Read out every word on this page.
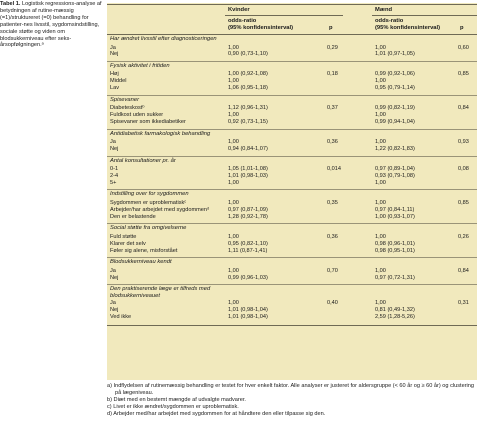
Tabel 1. Logistisk regressions-analyse af betydningen af rutine-mæssig (=1)/struktureret (=0) behandling for patienter-nes livsstil, sygdomsindstilling, sociale støtte og viden om blodsukkerniveau efter seks-årsopfølgningen.ᵃ
Kvinder	Mænd
odds-ratio
(95% konfidensinterval)	p
odds-ratio
(95% konfidensinterval)	p
Har ændret livsstil efter diagnosticeringen
Ja	1,00	0,29	1,00	0,60
Nej	0,90 (0,73-1,10)	1,01 (0,97-1,05)
Fysisk aktivitet i fritiden
Høj	1,00 (0,92-1,08)	0,18	0,99 (0,92-1,06)	0,85
Middel	1,00	1,00
Lav	1,06 (0,95-1,18)	0,95 (0,79-1,14)
Spisevaner
Diabeteskostᵇ	1,12 (0,96-1,31)	0,37	0,99 (0,82-1,19)	0,84
Fuldkost uden sukker	1,00	1,00
Spisevaner som ikkediabetiker	0,92 (0,73-1,15)	0,99 (0,94-1,04)
Antidiabetisk farmakologisk behandling
Ja	1,00	0,36	1,00	0,93
Nej	0,94 (0,84-1,07)	1,22 (0,82-1,83)
Antal konsultationer pr. år
0-1	1,05 (1,01-1,08)	0,014	0,97 (0,89-1,04)	0,08
2-4	1,01 (0,98-1,03)	0,93 (0,79-1,08)
5+	1,00	1,00
Indstilling over for sygdommen
Sygdommen er uproblematiskᶜ	1,00	0,35	1,00	0,85
Arbejder/har arbejdet med sygdommenᵈ	0,97 (0,87-1,09)	0,97 (0,84-1,11)
Den er belastende	1,28 (0,92-1,78)	1,00 (0,93-1,07)
Social støtte fra omgivelserne
Fuld støtte	1,00	0,36	1,00	0,26
Klarer det selv	0,95 (0,82-1,10)	0,98 (0,96-1,01)
Føler sig alene, misforstået	1,11 (0,87-1,41)	0,98 (0,95-1,01)
Blodsukkerniveau kendt
Ja	1,00	0,70	1,00	0,84
Nej	0,99 (0,96-1,03)	0,97 (0,72-1,31)
Den praktiserende læge er tilfreds med blodsukkerniveauet
Ja	1,00	0,40	1,00	0,31
Nej	1,01 (0,98-1,04)	0,81 (0,49-1,32)
Ved ikke	1,01 (0,98-1,04)	2,59 (1,28-5,26)
a) Indflydelsen af rutinemæssig behandling er testet for hver enkelt faktor. Alle analyser er justeret for aldersgruppe (< 60 år og ≥ 60 år) og clustering på lægeniveau.
b) Diæt med en bestemt mængde af udvalgte madvarer.
c) Livet er ikke ændret/sygdommen er uproblematisk.
d) Arbejder med/har arbejdet med sygdommen for at håndtere den eller tilpasse sig den.
